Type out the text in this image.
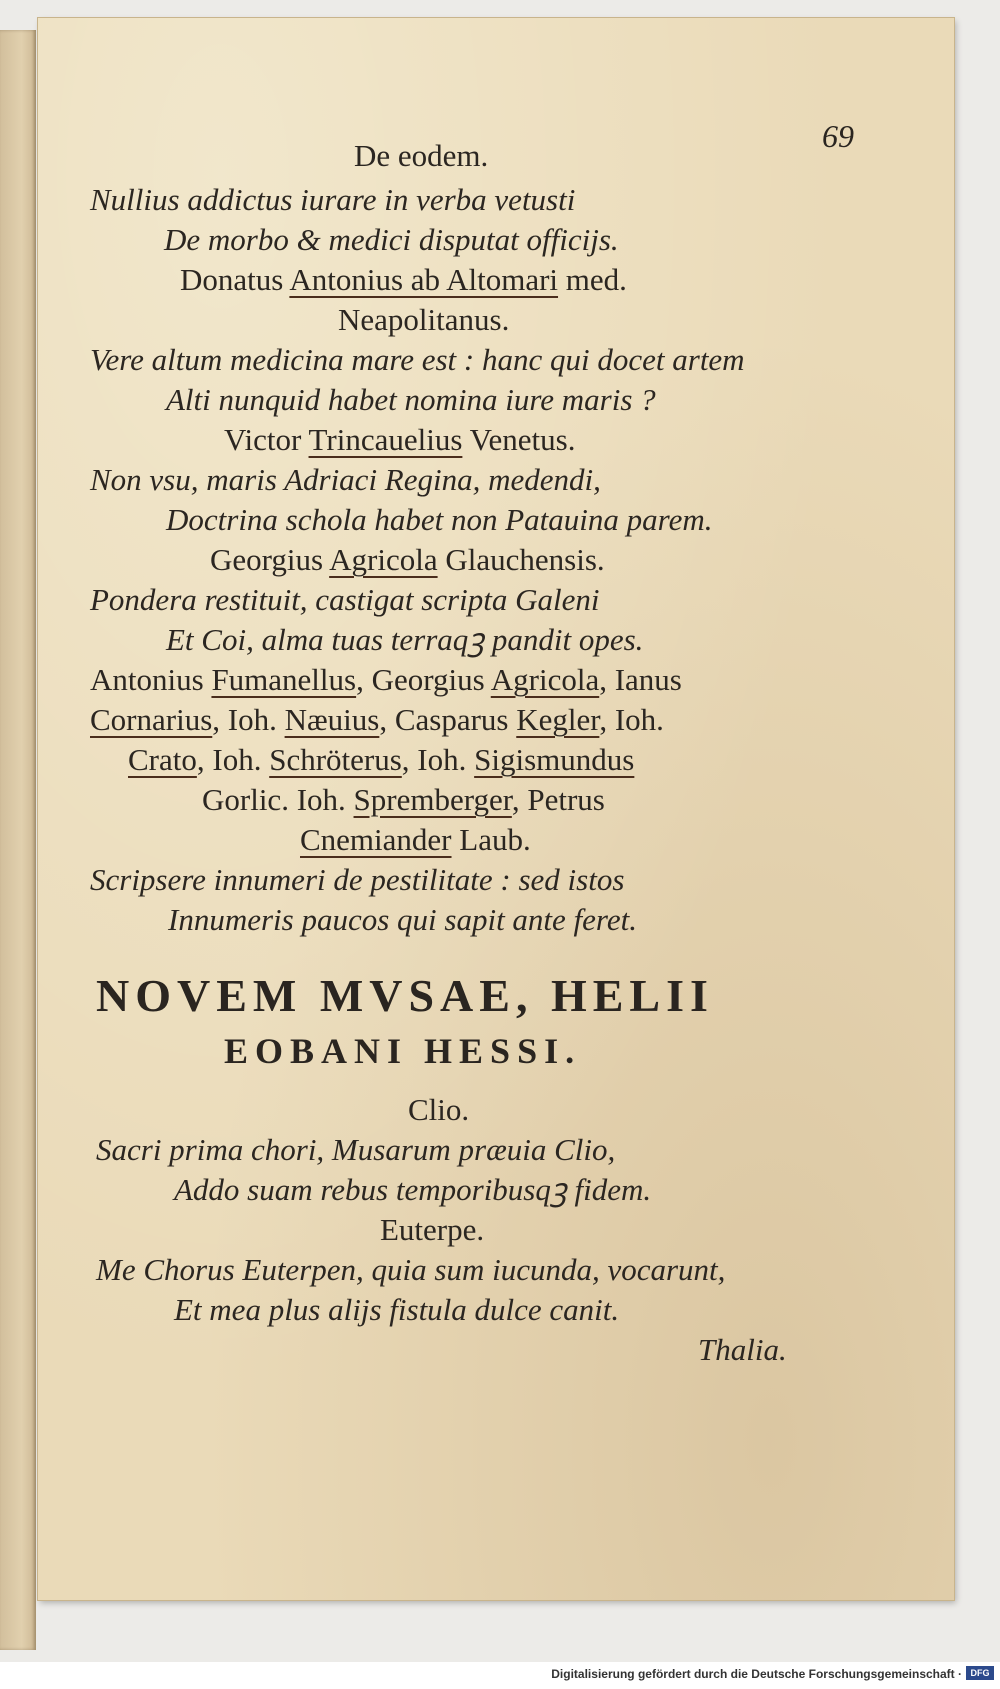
69
De eodem.
Nullius addictus iurare in verba vetusti
De morbo & medici disputat officijs.
Donatus Antonius ab Altomari med.
Neapolitanus.
Vere altum medicina mare est : hanc qui docet artem
Alti nunquid habet nomina iure maris ?
Victor Trincauelius Venetus.
Non vsu, maris Adriaci Regina, medendi,
Doctrina schola habet non Patauina parem.
Georgius Agricola Glauchensis.
Pondera restituit, castigat scripta Galeni
Et Coi, alma tuas terraqꝫ pandit opes.
Antonius Fumanellus, Georgius Agricola, Ianus
Cornarius, Ioh. Næuius, Casparus Kegler, Ioh.
Crato, Ioh. Schröterus, Ioh. Sigismundus
Gorlic. Ioh. Spremberger, Petrus
Cnemiander Laub.
Scripsere innumeri de pestilitate : sed istos
Innumeris paucos qui sapit ante feret.
NOVEM MVSAE, HELII
EOBANI HESSI.
Clio.
Sacri prima chori, Musarum præuia Clio,
Addo suam rebus temporibusqꝫ fidem.
Euterpe.
Me Chorus Euterpen, quia sum iucunda, vocarunt,
Et mea plus alijs fistula dulce canit.
Thalia.
Digitalisierung gefördert durch die Deutsche Forschungsgemeinschaft · DFG
